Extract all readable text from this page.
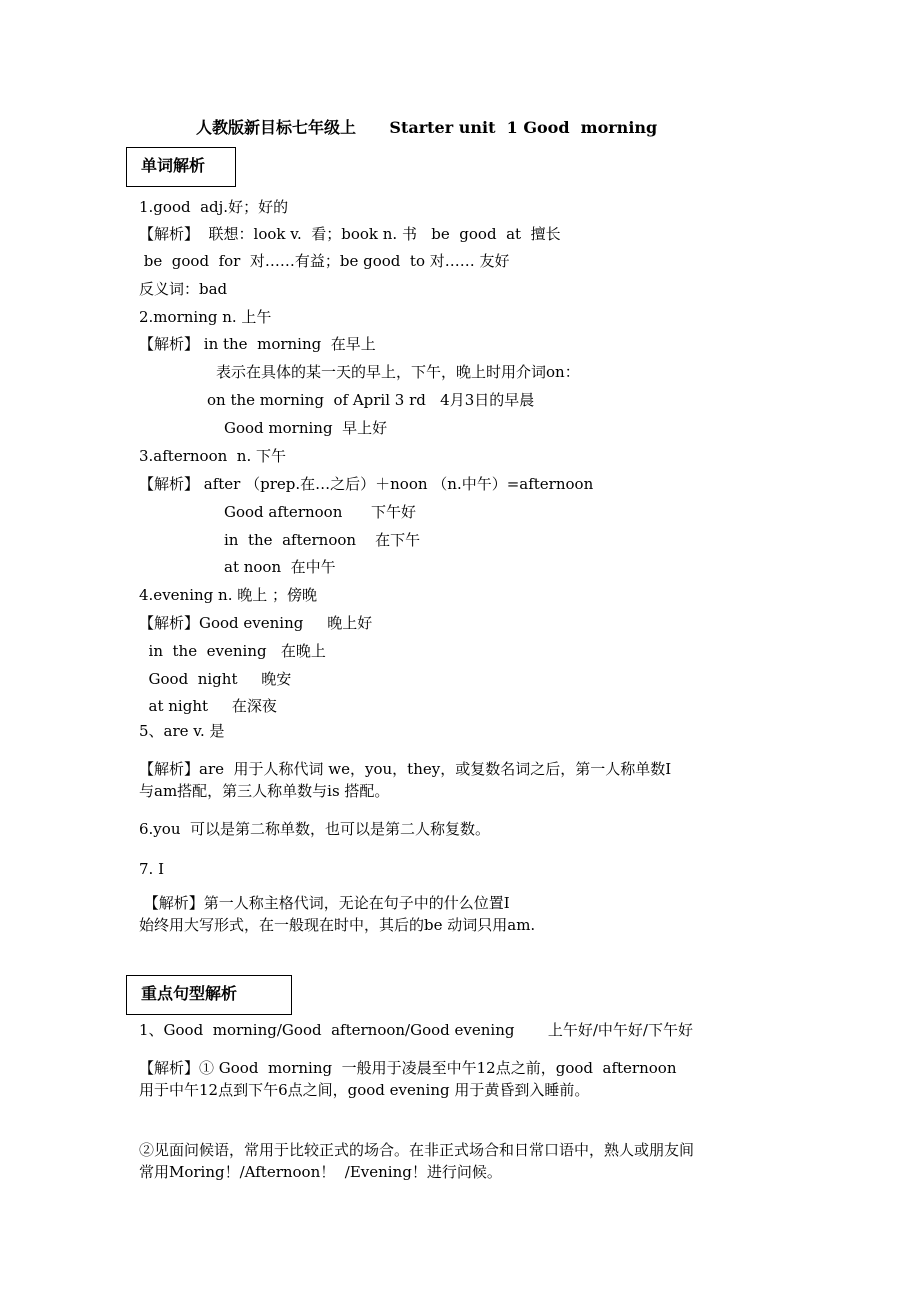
人教版新目标七年级上      Starter unit  1 Good  morning
单词解析
1.good  adj.好；好的
【解析】  联想：look v.  看；book n. 书   be  good  at  擅长
be  good  for  对……有益；be good  to 对…… 友好
反义词：bad
2.morning n. 上午
【解析】 in the  morning  在早上
表示在具体的某一天的早上，下午，晚上时用介词on：
on the morning  of April 3 rd   4月3日的早晨
Good morning  早上好
3.afternoon  n. 下午
【解析】 after （prep.在…之后）＋noon （n.中午）=afternoon
Good afternoon      下午好
in  the  afternoon    在下午
at noon  在中午
4.evening n. 晚上 ；傍晚
【解析】Good evening     晚上好
in  the  evening   在晚上
Good  night     晚安
at night     在深夜
5、are v. 是
【解析】are  用于人称代词 we，you，they，或复数名词之后，第一人称单数I
与am搭配，第三人称单数与is 搭配。
6.you  可以是第二称单数，也可以是第二人称复数。
7. I
【解析】第一人称主格代词，无论在句子中的什么位置I
始终用大写形式，在一般现在时中，其后的be 动词只用am.
重点句型解析
1、Good  morning/Good  afternoon/Good evening       上午好/中午好/下午好
【解析】① Good  morning  一般用于凌晨至中午12点之前，good  afternoon
用于中午12点到下午6点之间，good evening 用于黄昏到入睡前。
②见面问候语，常用于比较正式的场合。在非正式场合和日常口语中，熟人或朋友间
常用Moring！/Afternoon！  /Evening！进行问候。
